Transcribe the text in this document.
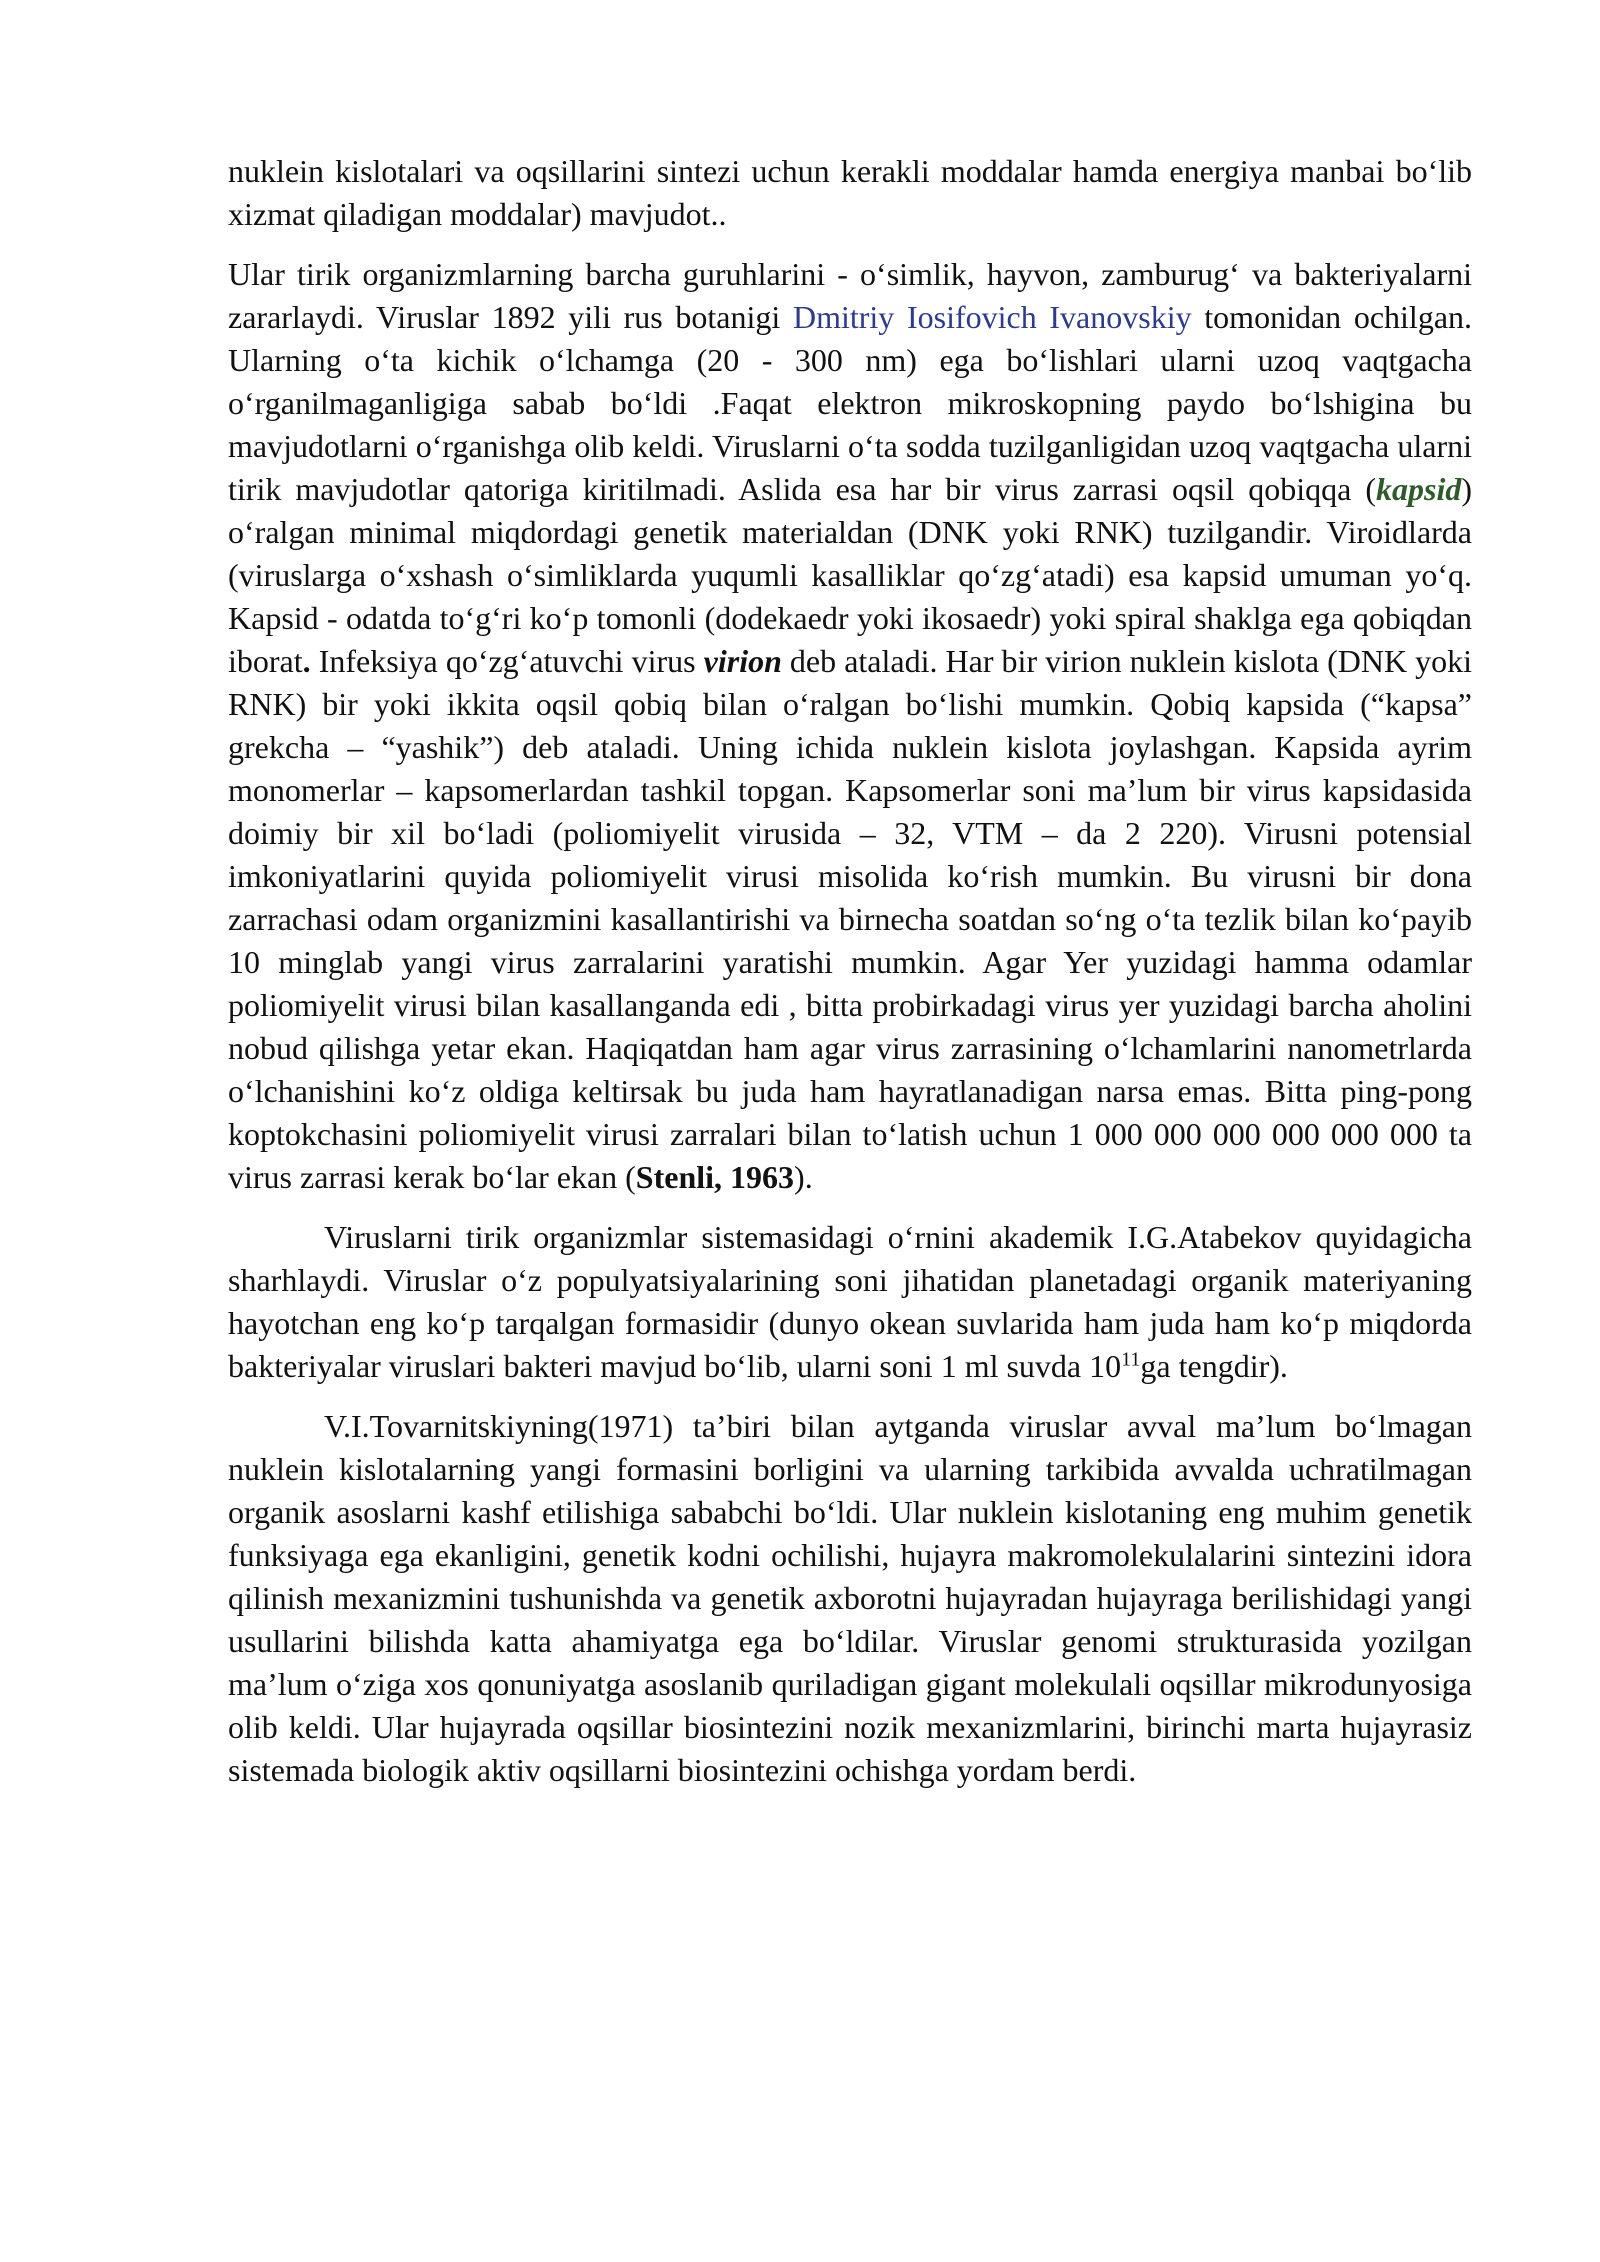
nuklein kislotalari va oqsillarini sintezi uchun kerakli moddalar hamda energiya manbai bo‘lib xizmat qiladigan moddalar) mavjudot..

Ular tirik organizmlarning barcha guruhlarini - o‘simlik, hayvon, zamburug‘ va bakteriyalarni zararlaydi. Viruslar 1892 yili rus botanigi Dmitriy Iosifovich Ivanovskiy tomonidan ochilgan. Ularning o‘ta kichik o‘lchamga (20 - 300 nm) ega bo‘lishlari ularni uzoq vaqtgacha o‘rganilmaganligiga sabab bo‘ldi .Faqat elektron mikroskopning paydo bo‘lshigina bu mavjudotlarni o‘rganishga olib keldi. Viruslarni o‘ta sodda tuzilganligidan uzoq vaqtgacha ularni tirik mavjudotlar qatoriga kiritilmadi. Aslida esa har bir virus zarrasi oqsil qobiqqa (kapsid) o‘ralgan minimal miqdordagi genetik materialdan (DNK yoki RNK) tuzilgandir. Viroidlarda (viruslarga o‘xshash o‘simliklarda yuqumli kasalliklar qo‘zg‘atadi) esa kapsid umuman yo‘q. Kapsid - odatda to‘g‘ri ko‘p tomonli (dodekaedr yoki ikosaedr) yoki spiral shaklga ega qobiqdan iborat. Infeksiya qo‘zg‘atuvchi virus virion deb ataladi. Har bir virion nuklein kislota (DNK yoki RNK) bir yoki ikkita oqsil qobiq bilan o‘ralgan bo‘lishi mumkin. Qobiq kapsida (“kapsa” grekcha – “yashik”) deb ataladi. Uning ichida nuklein kislota joylashgan. Kapsida ayrim monomerlar – kapsomerlardan tashkil topgan. Kapsomerlar soni ma’lum bir virus kapsidasida doimiy bir xil bo‘ladi (poliomiyelit virusida – 32, VTM – da 2 220). Virusni potensial imkoniyatlarini quyida poliomiyelit virusi misolida ko‘rish mumkin. Bu virusni bir dona zarrachasi odam organizmini kasallantirishi va birnecha soatdan so‘ng o‘ta tezlik bilan ko‘payib 10 minglab yangi virus zarralarini yaratishi mumkin. Agar Yer yuzidagi hamma odamlar poliomiyelit virusi bilan kasallanganda edi , bitta probirkadagi virus yer yuzidagi barcha aholini nobud qilishga yetar ekan. Haqiqatdan ham agar virus zarrasining o‘lchamlarini nanometrlarda o‘lchanishini ko‘z oldiga keltirsak bu juda ham hayratlanadigan narsa emas. Bitta ping-pong koptokchasini poliomiyelit virusi zarralari bilan to‘latish uchun 1 000 000 000 000 000 000 ta virus zarrasi kerak bo‘lar ekan (Stenli, 1963).

Viruslarni tirik organizmlar sistemasidagi o‘rnini akademik I.G.Atabekov quyidagicha sharhlaydi. Viruslar o‘z populyatsiyalarining soni jihatidan planetadagi organik materiyaning hayotchan eng ko‘p tarqalgan formasidir (dunyo okean suvlarida ham juda ham ko‘p miqdorda bakteriyalar viruslari bakteri mavjud bo‘lib, ularni soni 1 ml suvda $10^{11}ga$ tengdir).

V.I.Tovarnitskiyning(1971) ta’biri bilan aytganda viruslar avval ma’lum bo‘lmagan nuklein kislotalarning yangi formasini borligini va ularning tarkibida avvalda uchratilmagan organik asoslarni kashf etilishiga sababchi bo‘ldi. Ular nuklein kislotaning eng muhim genetik funksiyaga ega ekanligini, genetik kodni ochilishi, hujayra makromolekulalarini sintezini idora qilinish mexanizmini tushunishda va genetik axborotni hujayradan hujayraga berilishidagi yangi usullarini bilishda katta ahamiyatga ega bo‘ldilar. Viruslar genomi strukturasida yozilgan ma’lum o‘ziga xos qonuniyatga asoslanib quriladigan gigant molekulali oqsillar mikrodunyosiga olib keldi. Ular hujayrada oqsillar biosintezini nozik mexanizmlarini, birinchi marta hujayrasiz sistemada biologik aktiv oqsillarni biosintezini ochishga yordam berdi.
